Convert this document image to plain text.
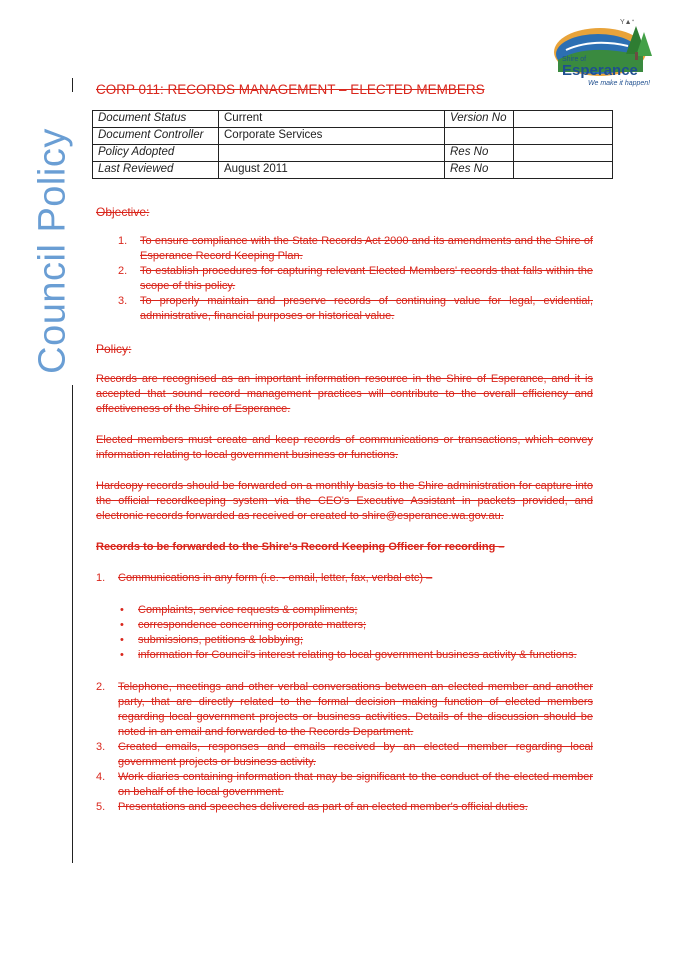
Council Policy
Y▲ᐩ
Shire of
Esperance
We make it happen!
CORP 011: RECORDS MANAGEMENT – ELECTED MEMBERS
Document Status	Current	Version No	
Document Controller	Corporate Services		
Policy Adopted		Res No	
Last Reviewed	August 2011	Res No	
Objective:
1. To ensure compliance with the State Records Act 2000 and its amendments and the Shire of Esperance Record Keeping Plan.
2. To establish procedures for capturing relevant Elected Members' records that falls within the scope of this policy.
3. To properly maintain and preserve records of continuing value for legal, evidential, administrative, financial purposes or historical value.
Policy:

Records are recognised as an important information resource in the Shire of Esperance, and it is accepted that sound record management practices will contribute to the overall efficiency and effectiveness of the Shire of Esperance.

Elected members must create and keep records of communications or transactions, which convey information relating to local government business or functions.

Hardcopy records should be forwarded on a monthly basis to the Shire administration for capture into the official recordkeeping system via the CEO's Executive Assistant in packets provided, and electronic records forwarded as received or created to shire@esperance.wa.gov.au.

Records to be forwarded to the Shire's Record Keeping Officer for recording –
1. Communications in any form (i.e. - email, letter, fax, verbal etc) –
• Complaints, service requests & compliments;
• correspondence concerning corporate matters;
• submissions, petitions & lobbying;
• information for Council's interest relating to local government business activity & functions.
2. Telephone, meetings and other verbal conversations between an elected member and another party, that are directly related to the formal decision making function of elected members regarding local government projects or business activities. Details of the discussion should be noted in an email and forwarded to the Records Department.
3. Created emails, responses and emails received by an elected member regarding local government projects or business activity.
4. Work diaries containing information that may be significant to the conduct of the elected member on behalf of the local government.
5. Presentations and speeches delivered as part of an elected member's official duties.
